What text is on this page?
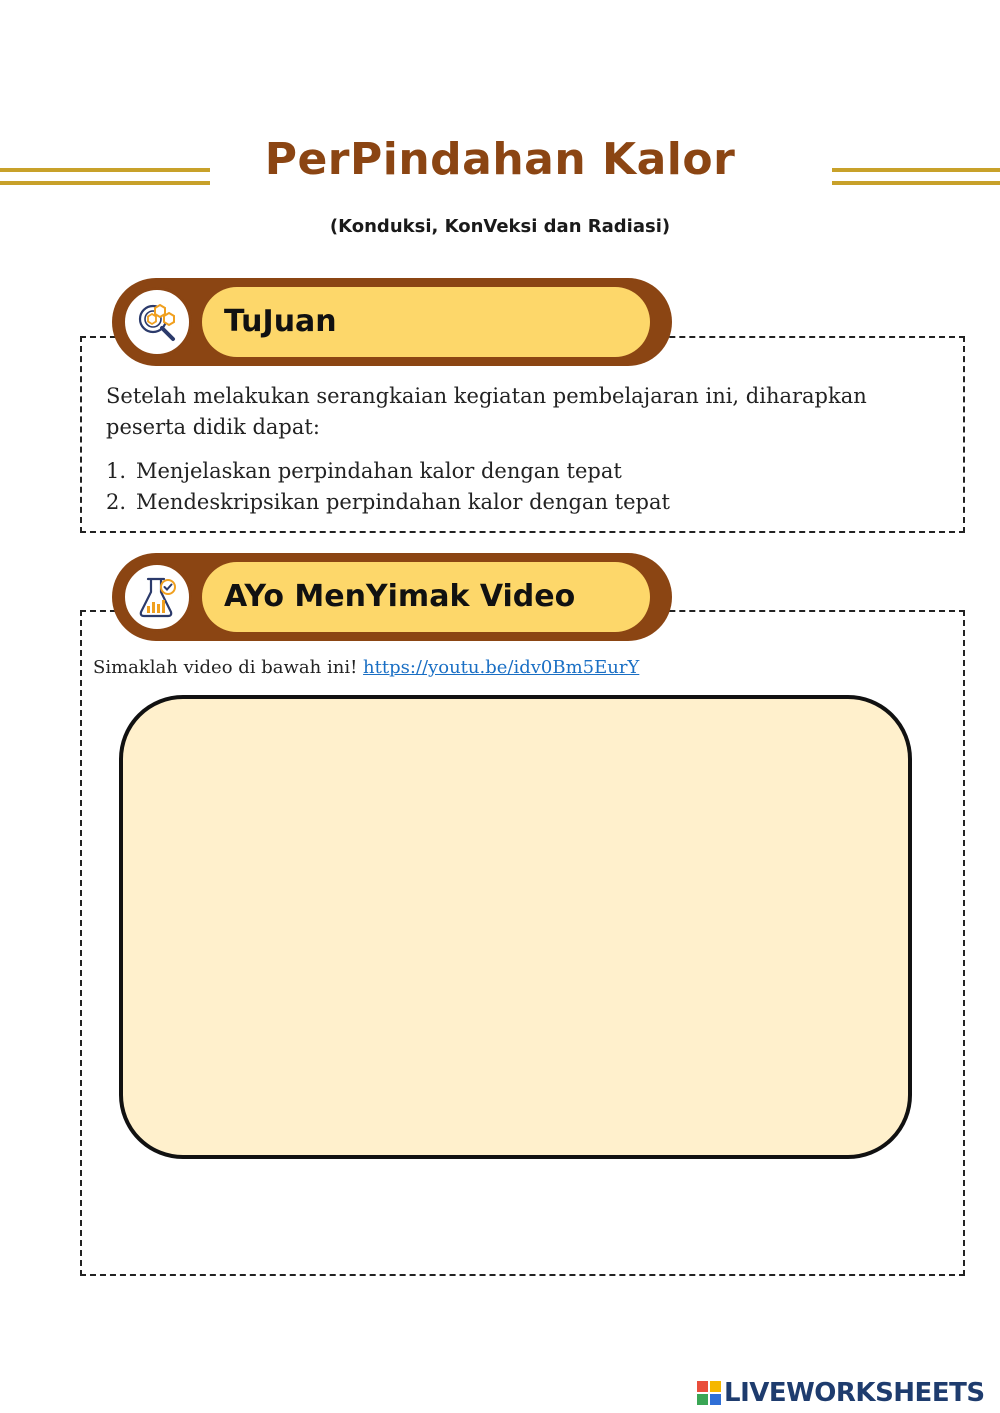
PerPindahan Kalor
(Konduksi, KonVeksi dan Radiasi)
TuJuan
Setelah melakukan serangkaian kegiatan pembelajaran ini, diharapkan peserta didik dapat:
1. Menjelaskan perpindahan kalor dengan tepat
2. Mendeskripsikan perpindahan kalor dengan tepat
AYo MenYimak Video
Simaklah video di bawah ini! https://youtu.be/idv0Bm5EurY
LIVEWORKSHEETS
